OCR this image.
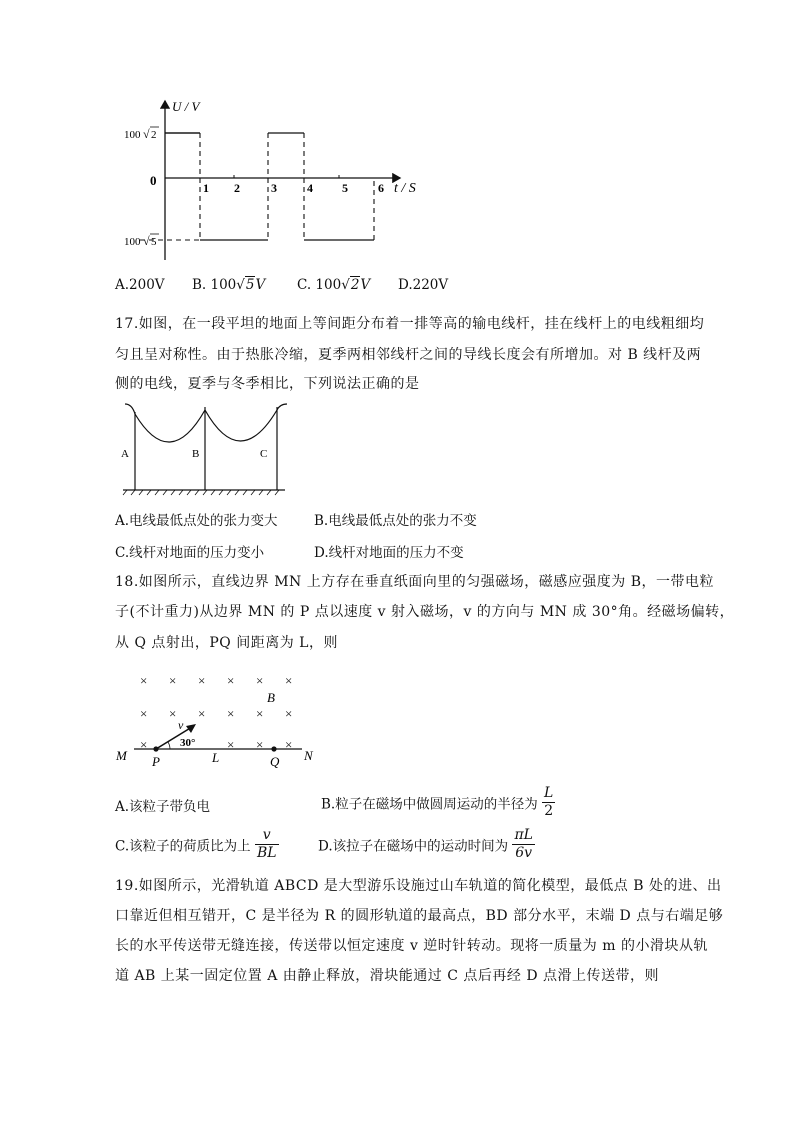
U / V
t / S
0	1 2	3	4 5	6
100 √ 2
100 √ 5
A.200V B. 100√5V C. 100√2V D.220V
17.如图，在一段平坦的地面上等间距分布着一排等高的输电线杆，挂在线杆上的电线粗细均
匀且呈对称性。由于热胀冷缩，夏季两相邻线杆之间的导线长度会有所增加。对 B 线杆及两
侧的电线，夏季与冬季相比，下列说法正确的是
A	B	C
A.电线最低点处的张力变大	B.电线最低点处的张力不变
C.线杆对地面的压力变小	D.线杆对地面的压力不变
18.如图所示，直线边界 MN 上方存在垂直纸面向里的匀强磁场，磁感应强度为 B，一带电粒
子(不计重力)从边界 MN 的 P 点以速度 v 射入磁场，v 的方向与 MN 成 30°角。经磁场偏转，
从 Q 点射出，PQ 间距离为 L，则
× × × × × ×
× × × × × ×
×	× × ×
B
v
30°
M P	L	Q N
A.该粒子带负电	B.粒子在磁场中做圆周运动的半径为 $\frac{L}{2}$
C.该粒子的荷质比为上 $\frac{v}{BL}$	D.该拉子在磁场中的运动时间为 $\frac{\pi L}{6v}$
19.如图所示，光滑轨道 ABCD 是大型游乐设施过山车轨道的简化模型，最低点 B 处的进、出
口靠近但相互错开，C 是半径为 R 的圆形轨道的最高点，BD 部分水平，末端 D 点与右端足够
长的水平传送带无缝连接，传送带以恒定速度 v 逆时针转动。现将一质量为 m 的小滑块从轨
道 AB 上某一固定位置 A 由静止释放，滑块能通过 C 点后再经 D 点滑上传送带，则
